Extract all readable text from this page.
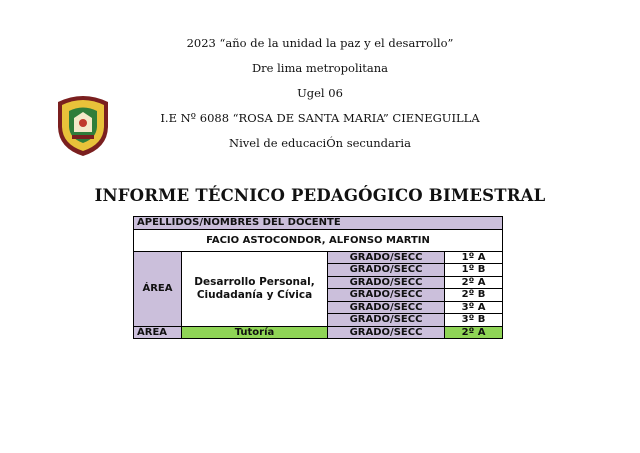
2023 “año de la unidad la paz y el desarrollo”
Dre lima metropolitana
Ugel 06
I.E Nº 6088 “ROSA DE SANTA MARIA” CIENEGUILLA
Nivel de educaciÓn secundaria
INFORME TÉCNICO PEDAGÓGICO BIMESTRAL
APELLIDOS/NOMBRES DEL DOCENTE			
FACIO ASTOCONDOR, ALFONSO MARTIN			
ÁREA	Desarrollo Personal, Ciudadanía y Cívica	GRADO/SECC	1º A
		GRADO/SECC	1º B
		GRADO/SECC	2º A
		GRADO/SECC	2º B
		GRADO/SECC	3º A
		GRADO/SECC	3º B
ÁREA	Tutoría	GRADO/SECC	2º A
